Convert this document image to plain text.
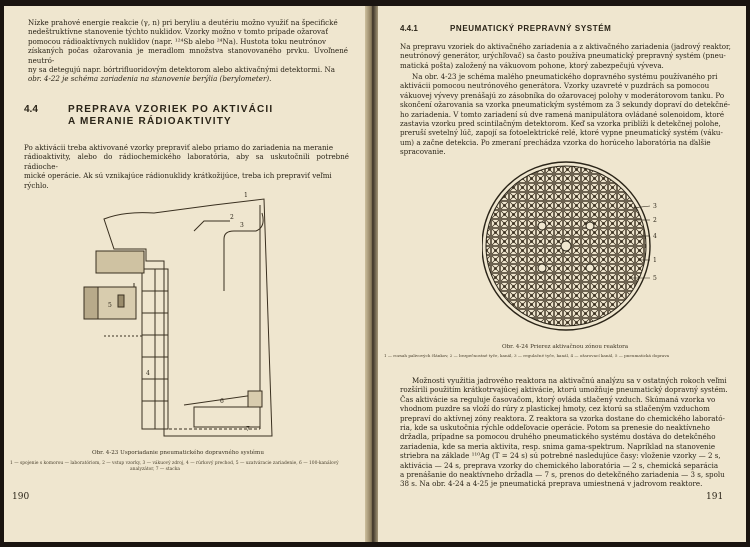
Nízke prahové energie reakcie (γ, n) pri beryliu a deutériu možno využiť na špecifické
nedeštruktívne stanovenie týchto nuklidov. Vzorky možno v tomto prípade ožarovať
pomocou rádioaktívnych nuklidov (napr. ¹²⁴Sb alebo ²⁴Na). Hustota toku neutrónov
získaných počas ožarovania je meradlom množstva stanovovaného prvku. Uvoľnené neutró-
ny sa detegujú napr. bórtrifluoridovým detektorom alebo aktivačnými detektormi. Na
obr. 4-22 je schéma zariadenia na stanovenie berýlia (berylometer).
4.4	PREPRAVA VZORIEK PO AKTIVÁCII
A MERANIE RÁDIOAKTIVITY
Po aktivácii treba aktivované vzorky prepraviť alebo priamo do zariadenia na meranie
rádioaktivity, alebo do rádiochemického laboratória, aby sa uskutočnili potrebné rádioche-
mické operácie. Ak sú vznikajúce rádionuklidy krátkožijúce, treba ich prepraviť veľmi
rýchlo.
1
2
3
4
5
6
7
Obr. 4-23 Usporiadanie pneumatického dopravného systému
1 — spojenie s komorou — laboratóriom, 2 — vstup vzorky, 3 — vákuový zdroj, 4 — rúrkový prechod, 5 — uzatváracie zariadenie, 6 — 100-kanálový
analyzátor, 7 — stacka
190
4.4.1	PNEUMATICKÝ PREPRAVNÝ SYSTÉM
Na prepravu vzoriek do aktivačného zariadenia a z aktivačného zariadenia (jadrový reaktor,
neutrónový generátor, urýchľovač) sa často používa pneumatický prepravný systém (pneu-
matická pošta) založený na vákuovom pohone, ktorý zabezpečujú výveva.
Na obr. 4-23 je schéma malého pneumatického dopravného systému používaného pri
aktivácii pomocou neutrónového generátora. Vzorky uzavreté v puzdrách sa pomocou
vákuovej vývevy prenášajú zo zásobníka do ožarovacej polohy v moderátorovom tanku. Po
skončení ožarovania sa vzorka pneumatickým systémom za 3 sekundy dopraví do detekčné-
ho zariadenia. V tomto zariadení sú dve ramená manipulátora ovládané solenoidom, ktoré
zastavia vzorku pred scintilačným detektorom. Keď sa vzorka priblíži k detekčnej polohe,
preruší svetelný lúč, zapojí sa fotoelektrické relé, ktoré vypne pneumatický systém (váku-
um) a začne detekcia. Po zmeraní prechádza vzorka do horúceho laboratória na ďalšie
spracovanie.
3
2
4
1
5
Obr. 4-24 Prierez aktivačnou zónou reaktora
1 — rozsah palivových článkov, 2 — bezpečnostné tyče, kanál, 3 — regulačné tyče, kanál, 4 — ožarovací kanál, 5 — pneumatická doprava
Možnosti využitia jadrového reaktora na aktivačnú analýzu sa v ostatných rokoch veľmi
rozšírili použitím krátkotrvajúcej aktivácie, ktorú umožňuje pneumatický dopravný systém.
Čas aktivácie sa reguluje časovačom, ktorý ovláda stlačený vzduch. Skúmaná vzorka vo
vhodnom puzdre sa vloží do rúry z plastickej hmoty, cez ktorú sa stlačeným vzduchom
prepraví do aktívnej zóny reaktora. Z reaktora sa vzorka dostane do chemického laborató-
ria, kde sa uskutočnia rýchle oddeľovacie operácie. Potom sa prenesie do neaktívneho
držadla, prípadne sa pomocou druhého pneumatického systému dostáva do detekčného
zariadenia, kde sa meria aktivita, resp. snima gama-spektrum. Napríklad na stanovenie
striebra na základe ¹¹⁰Ag (T = 24 s) sú potrebné nasledujúce časy: vloženie vzorky — 2 s,
aktivácia — 24 s, preprava vzorky do chemického laboratória — 2 s, chemická separácia
a prenášanie do neaktívneho držadla — 7 s, prenos do detekčného zariadenia — 3 s, spolu
38 s. Na obr. 4-24 a 4-25 je pneumatická preprava umiestnená v jadrovom reaktore.
191
